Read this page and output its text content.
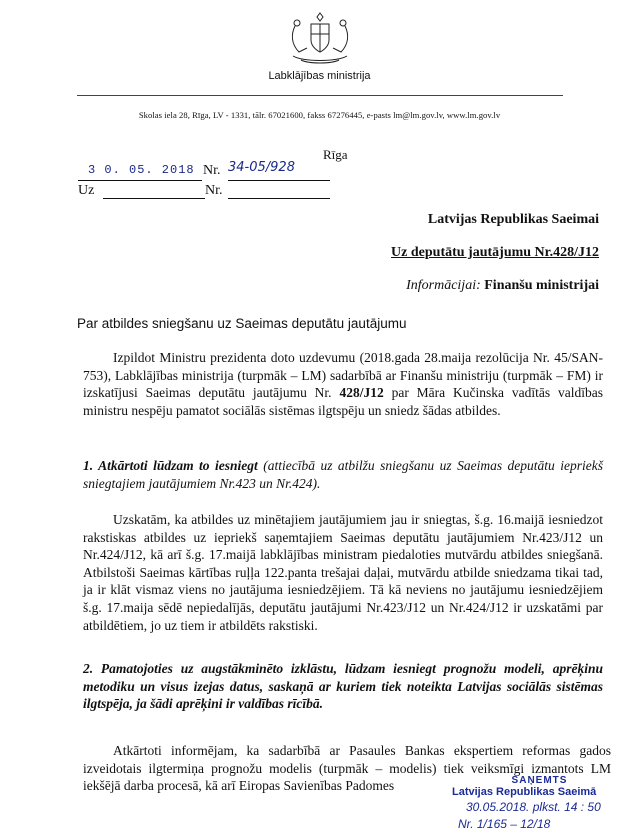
Labklājības ministrija
Skolas iela 28, Rīga, LV - 1331, tālr. 67021600, fakss 67276445, e-pasts lm@lm.gov.lv, www.lm.gov.lv
Rīga
3 0. 05. 2018 Nr. 34-05/928
Uz	Nr.
Latvijas Republikas Saeimai
Uz deputātu jautājumu Nr.428/J12
Informācijai: Finanšu ministrijai
Par atbildes sniegšanu uz Saeimas deputātu jautājumu
Izpildot Ministru prezidenta doto uzdevumu (2018.gada 28.maija rezolūcija Nr. 45/SAN-753), Labklājības ministrija (turpmāk – LM) sadarbībā ar Finanšu ministriju (turpmāk – FM) ir izskatījusi Saeimas deputātu jautājumu Nr. 428/J12 par Māra Kučinska vadītās valdības ministru nespēju pamatot sociālās sistēmas ilgtspēju un sniedz šādas atbildes.
1. Atkārtoti lūdzam to iesniegt (attiecībā uz atbilžu sniegšanu uz Saeimas deputātu iepriekš sniegtajiem jautājumiem Nr.423 un Nr.424).
Uzskatām, ka atbildes uz minētajiem jautājumiem jau ir sniegtas, š.g. 16.maijā iesniedzot rakstiskas atbildes uz iepriekš saņemtajiem Saeimas deputātu jautājumiem Nr.423/J12 un Nr.424/J12, kā arī š.g. 17.maijā labklājības ministram piedaloties mutvārdu atbildes sniegšanā. Atbilstoši Saeimas kārtības ruļļa 122.panta trešajai daļai, mutvārdu atbilde sniedzama tikai tad, ja ir klāt vismaz viens no jautājuma iesniedzējiem. Tā kā neviens no jautājumu iesniedzējiem š.g. 17.maija sēdē nepiedalījās, deputātu jautājumi Nr.423/J12 un Nr.424/J12 ir uzskatāmi par atbildētiem, jo uz tiem ir atbildēts rakstiski.
2. Pamatojoties uz augstākminēto izklāstu, lūdzam iesniegt prognožu modeli, aprēķinu metodiku un visus izejas datus, saskaņā ar kuriem tiek noteikta Latvijas sociālās sistēmas ilgtspēja, ja šādi aprēķini ir valdības rīcībā.
Atkārtoti informējam, ka sadarbībā ar Pasaules Bankas ekspertiem reformas gados izveidotais ilgtermiņa prognožu modelis (turpmāk – modelis) tiek veiksmīgi izmantots LM iekšējā darba procesā, kā arī Eiropas Savienības Padomes	SAŅEMTS
Latvijas Republikas Saeimā
30.05.2018. plkst. 14 : 50
Nr. 1/165 – 12/18
